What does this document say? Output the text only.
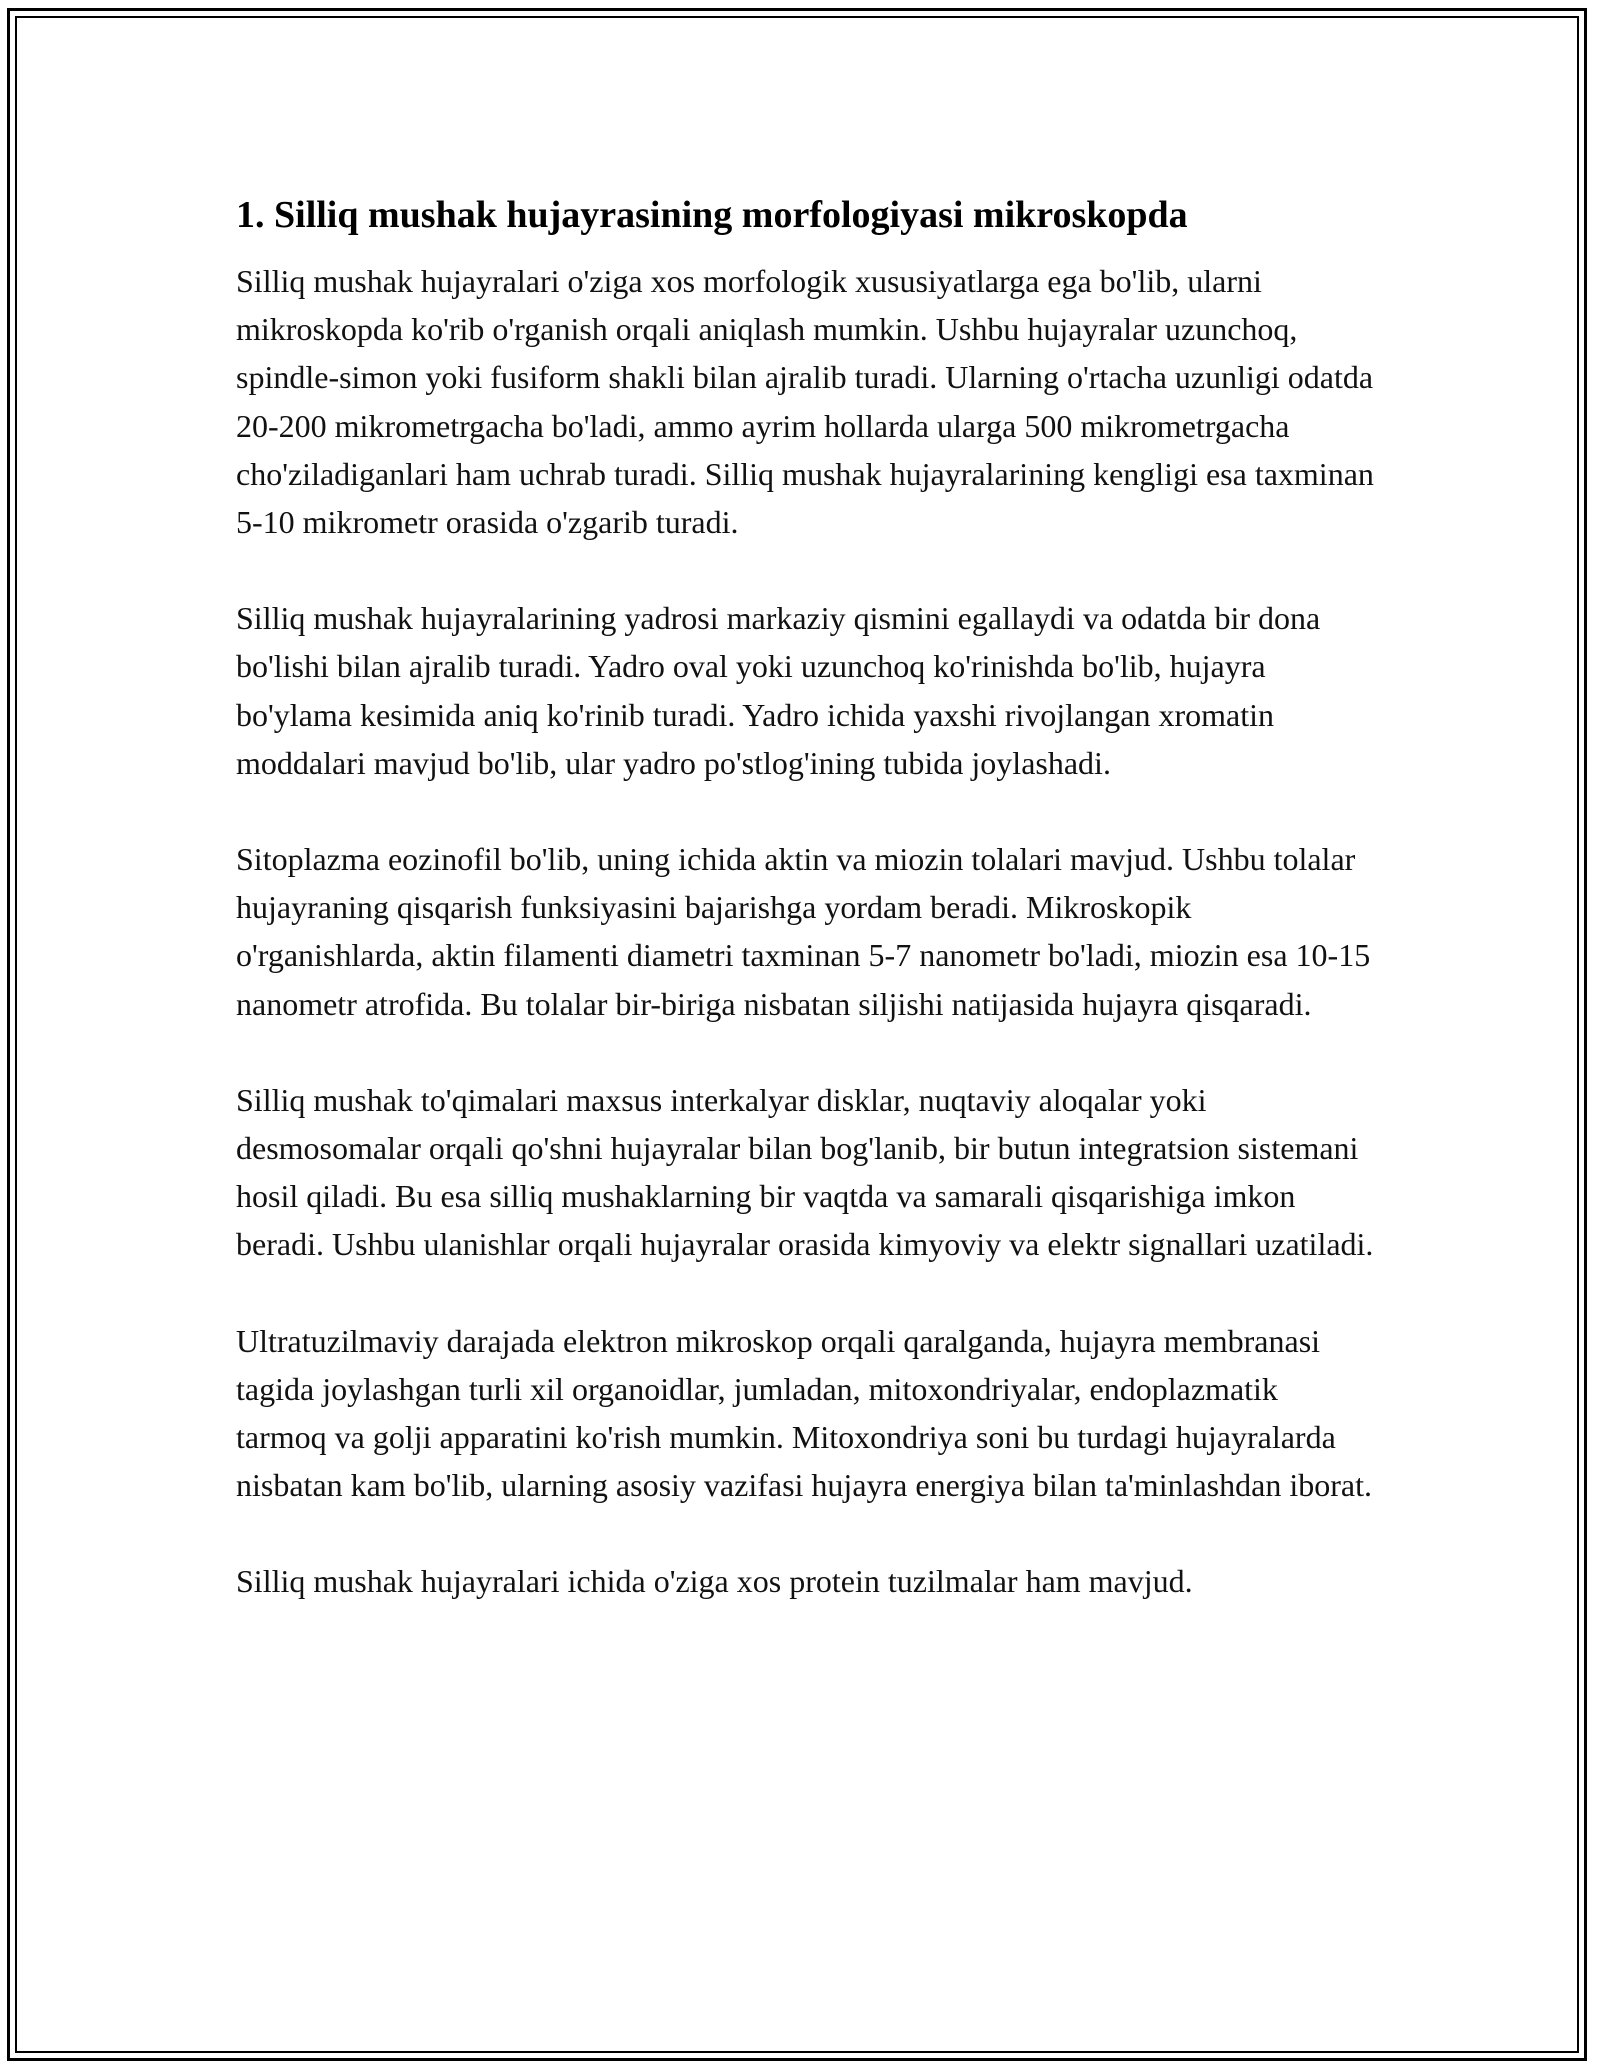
1. Silliq mushak hujayrasining morfologiyasi mikroskopda

Silliq mushak hujayralari o'ziga xos morfologik xususiyatlarga ega bo'lib, ularni mikroskopda ko'rib o'rganish orqali aniqlash mumkin. Ushbu hujayralar uzunchoq, spindle-simon yoki fusiform shakli bilan ajralib turadi. Ularning o'rtacha uzunligi odatda 20-200 mikrometrgacha bo'ladi, ammo ayrim hollarda ularga 500 mikrometrgacha cho'ziladiganlari ham uchrab turadi. Silliq mushak hujayralarining kengligi esa taxminan 5-10 mikrometr orasida o'zgarib turadi.

Silliq mushak hujayralarining yadrosi markaziy qismini egallaydi va odatda bir dona bo'lishi bilan ajralib turadi. Yadro oval yoki uzunchoq ko'rinishda bo'lib, hujayra bo'ylama kesimida aniq ko'rinib turadi. Yadro ichida yaxshi rivojlangan xromatin moddalari mavjud bo'lib, ular yadro po'stlog'ining tubida joylashadi.

Sitoplazma eozinofil bo'lib, uning ichida aktin va miozin tolalari mavjud. Ushbu tolalar hujayraning qisqarish funksiyasini bajarishga yordam beradi. Mikroskopik o'rganishlarda, aktin filamenti diametri taxminan 5-7 nanometr bo'ladi, miozin esa 10-15 nanometr atrofida. Bu tolalar bir-biriga nisbatan siljishi natijasida hujayra qisqaradi.

Silliq mushak to'qimalari maxsus interkalyar disklar, nuqtaviy aloqalar yoki desmosomalar orqali qo'shni hujayralar bilan bog'lanib, bir butun integratsion sistemani hosil qiladi. Bu esa silliq mushaklarning bir vaqtda va samarali qisqarishiga imkon beradi. Ushbu ulanishlar orqali hujayralar orasida kimyoviy va elektr signallari uzatiladi.

Ultratuzilmaviy darajada elektron mikroskop orqali qaralganda, hujayra membranasi tagida joylashgan turli xil organoidlar, jumladan, mitoxondriyalar, endoplazmatik tarmoq va golji apparatini ko'rish mumkin. Mitoxondriya soni bu turdagi hujayralarda nisbatan kam bo'lib, ularning asosiy vazifasi hujayra energiya bilan ta'minlashdan iborat.

Silliq mushak hujayralari ichida o'ziga xos protein tuzilmalar ham mavjud.
